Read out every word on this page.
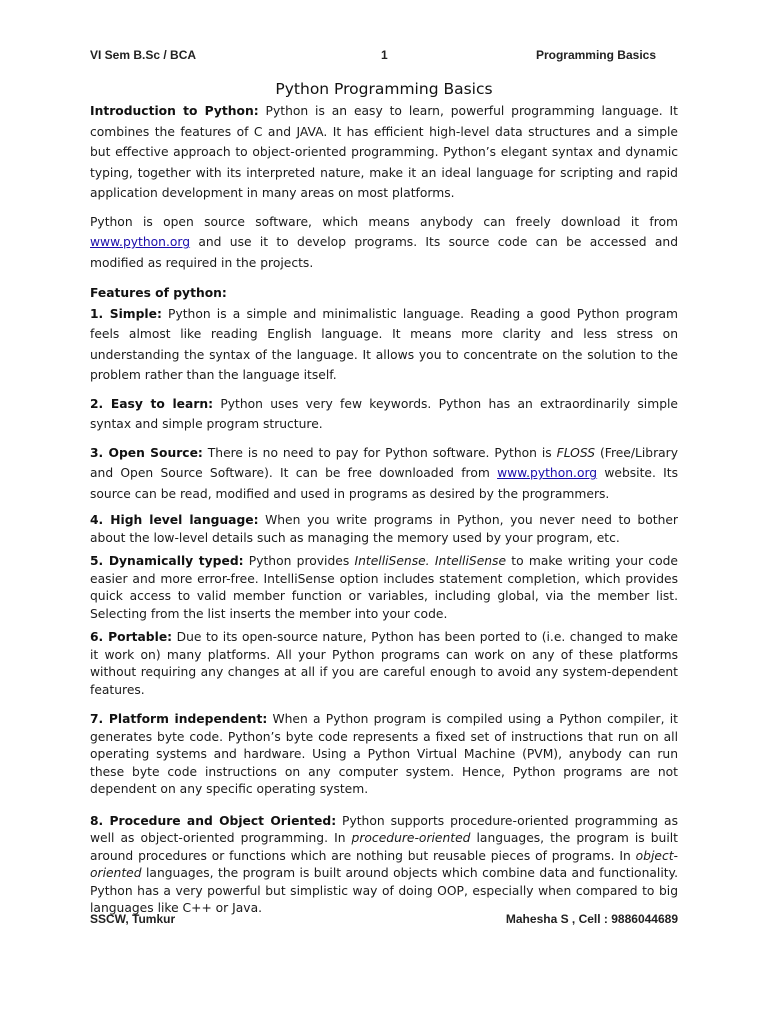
VI Sem B.Sc / BCA	1	Programming Basics
Python Programming Basics

Introduction to Python: Python is an easy to learn, powerful programming language. It combines the features of C and JAVA. It has efficient high-level data structures and a simple but effective approach to object-oriented programming. Python’s elegant syntax and dynamic typing, together with its interpreted nature, make it an ideal language for scripting and rapid application development in many areas on most platforms.

Python is open source software, which means anybody can freely download it from www.python.org and use it to develop programs. Its source code can be accessed and modified as required in the projects.

Features of python:

1. Simple: Python is a simple and minimalistic language. Reading a good Python program feels almost like reading English language. It means more clarity and less stress on understanding the syntax of the language. It allows you to concentrate on the solution to the problem rather than the language itself.

2. Easy to learn: Python uses very few keywords. Python has an extraordinarily simple syntax and simple program structure.

3. Open Source: There is no need to pay for Python software. Python is FLOSS (Free/Library and Open Source Software). It can be free downloaded from www.python.org website. Its source can be read, modified and used in programs as desired by the programmers.

4. High level language: When you write programs in Python, you never need to bother about the low-level details such as managing the memory used by your program, etc.

5. Dynamically typed: Python provides IntelliSense. IntelliSense to make writing your code easier and more error-free. IntelliSense option includes statement completion, which provides quick access to valid member function or variables, including global, via the member list. Selecting from the list inserts the member into your code.

6. Portable: Due to its open-source nature, Python has been ported to (i.e. changed to make it work on) many platforms. All your Python programs can work on any of these platforms without requiring any changes at all if you are careful enough to avoid any system-dependent features.

7. Platform independent: When a Python program is compiled using a Python compiler, it generates byte code. Python’s byte code represents a fixed set of instructions that run on all operating systems and hardware. Using a Python Virtual Machine (PVM), anybody can run these byte code instructions on any computer system. Hence, Python programs are not dependent on any specific operating system.

8. Procedure and Object Oriented: Python supports procedure-oriented programming as well as object-oriented programming. In procedure-oriented languages, the program is built around procedures or functions which are nothing but reusable pieces of programs. In object-oriented languages, the program is built around objects which combine data and functionality. Python has a very powerful but simplistic way of doing OOP, especially when compared to big languages like C++ or Java.

SSCW, Tumkur	Mahesha S , Cell : 9886044689
